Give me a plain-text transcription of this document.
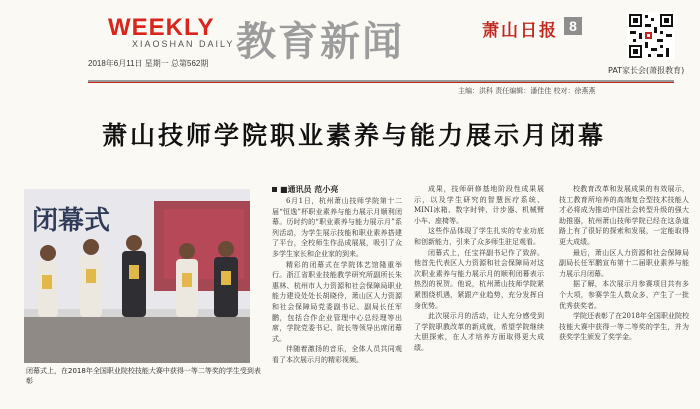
WEEKLY
XIAOSHAN DAILY 教育新闻	萧山日报 8
2018年6月11日 星期一 总第562期
PAT家长会(萧报教育)
主编：洪科 责任编辑：潘佳佳 校对：徐燕燕
萧山技师学院职业素养与能力展示月闭幕
闭幕式
闭幕式上，在2018年全国职业院校技能大赛中获得一等二等奖的学生受到表彰
■通讯员 范小亮

6月1日，杭州萧山技师学院第十二届“恒逸”杯职业素养与能力展示月顺利闭幕。历时约的“职业素养与能力展示月”系列活动，为学生展示技能和职业素养搭建了平台，全校师生作品成展展，吸引了众多学生家长和企业家的到来。

精彩的闭幕式在学院体艺馆隆重举行。浙江省职业技能教学研究所副所长朱惠林、杭州市人力资源和社会保障局职业能力建设处处长胡晓伶，萧山区人力资源和社会保障局党委副书记、副局长任军鹏，包括合作企业管理中心总经理等出席，学院党委书记、院长等领导出席闭幕式。

伴随着激扬的音乐，全体人员共同观看了本次展示月的精彩视频。

成果，技师研修基地阶段性成果展示，以及学生研究的智慧医疗系统、MINI冰箱、数字时钟、计步器、机械臂小车、座椅等。

这些作品体现了学生扎实的专业功底和创新能力，引来了众多师生驻足观看。

闭幕式上，任宝祥副书记作了致辞。他首先代表区人力资源和社会保障局对这次职业素养与能力展示月的顺利闭幕表示热烈的祝贺。他说，杭州萧山技师学院紧紧围绕机遇，紧跟产业趋势，充分发挥自身优势。

此次展示月的活动，让人充分感受到了学院职教改革的新成就，希望学院继续大胆探索，在人才培养方面取得更大成绩。

校教育改革和发展成果的有效展示，技工教育所培养的高端复合型技术技能人才必将成为推动中国社会转型升级的强大助推器，杭州萧山技师学院已经在这条道路上有了很好的探索和发展，一定能取得更大成绩。

最后，萧山区人力资源和社会保障局副局长任军鹏宣布第十二届职业素养与能力展示月闭幕。

据了解，本次展示月参赛项目共有多个大项，参赛学生人数众多，产生了一批优秀获奖者。

学院还表彰了在2018年全国职业院校技能大赛中获得一等二等奖的学生，并为获奖学生颁发了奖学金。
